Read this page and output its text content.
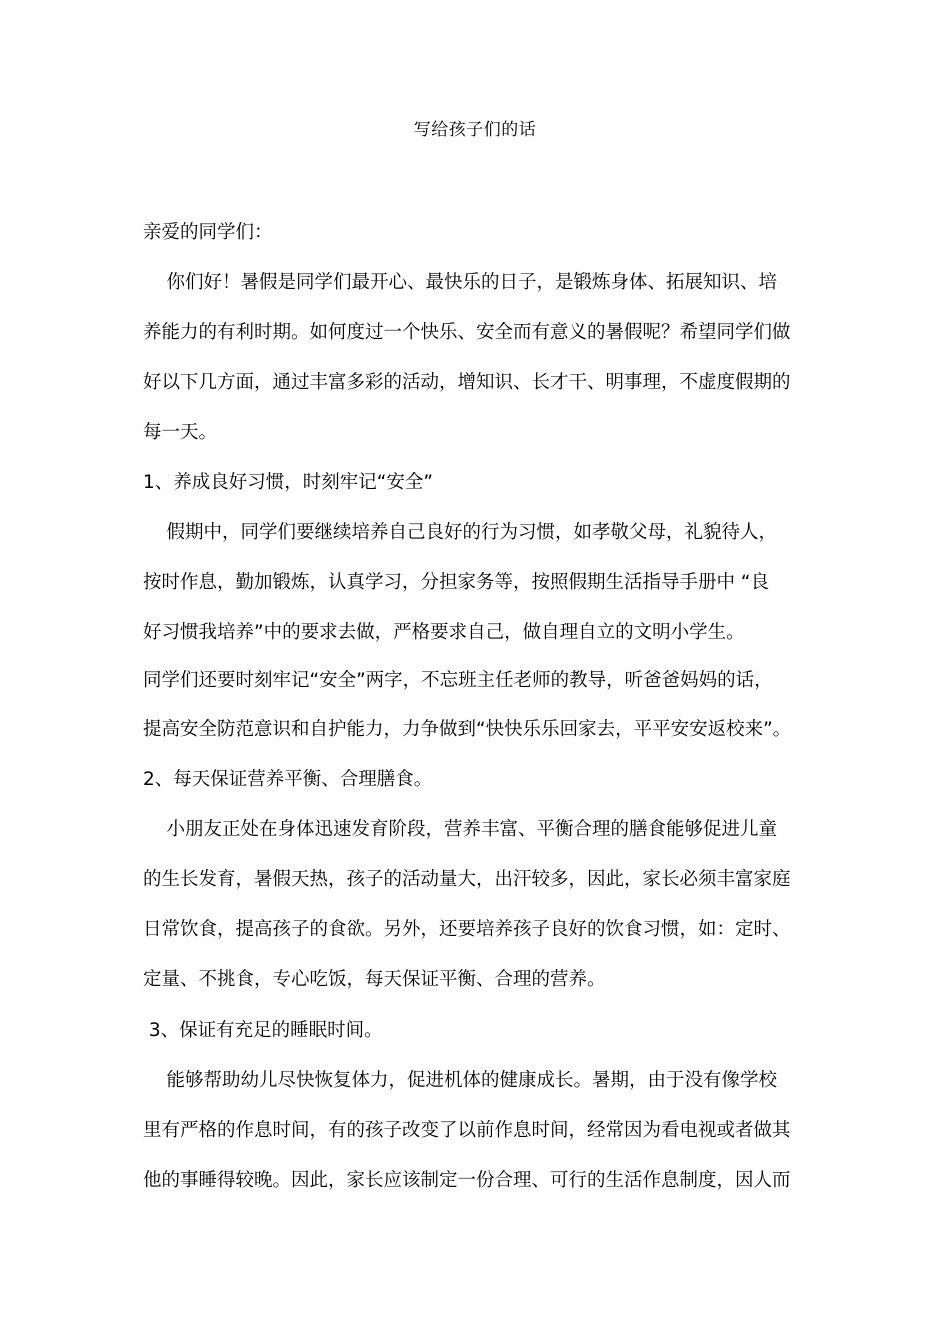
写给孩子们的话
亲爱的同学们：
你们好！暑假是同学们最开心、最快乐的日子，是锻炼身体、拓展知识、培
养能力的有利时期。如何度过一个快乐、安全而有意义的暑假呢？希望同学们做
好以下几方面，通过丰富多彩的活动，增知识、长才干、明事理，不虚度假期的
每一天。
1、养成良好习惯，时刻牢记“安全”
假期中，同学们要继续培养自己良好的行为习惯，如孝敬父母，礼貌待人，
按时作息，勤加锻炼，认真学习，分担家务等，按照假期生活指导手册中 “良
好习惯我培养”中的要求去做，严格要求自己，做自理自立的文明小学生。
同学们还要时刻牢记“安全”两字，不忘班主任老师的教导，听爸爸妈妈的话，
提高安全防范意识和自护能力，力争做到“快快乐乐回家去，平平安安返校来”。
2、每天保证营养平衡、合理膳食。
小朋友正处在身体迅速发育阶段，营养丰富、平衡合理的膳食能够促进儿童
的生长发育，暑假天热，孩子的活动量大，出汗较多，因此，家长必须丰富家庭
日常饮食，提高孩子的食欲。另外，还要培养孩子良好的饮食习惯，如：定时、
定量、不挑食，专心吃饭，每天保证平衡、合理的营养。
3、保证有充足的睡眠时间。
能够帮助幼儿尽快恢复体力，促进机体的健康成长。暑期，由于没有像学校
里有严格的作息时间，有的孩子改变了以前作息时间，经常因为看电视或者做其
他的事睡得较晚。因此，家长应该制定一份合理、可行的生活作息制度，因人而
